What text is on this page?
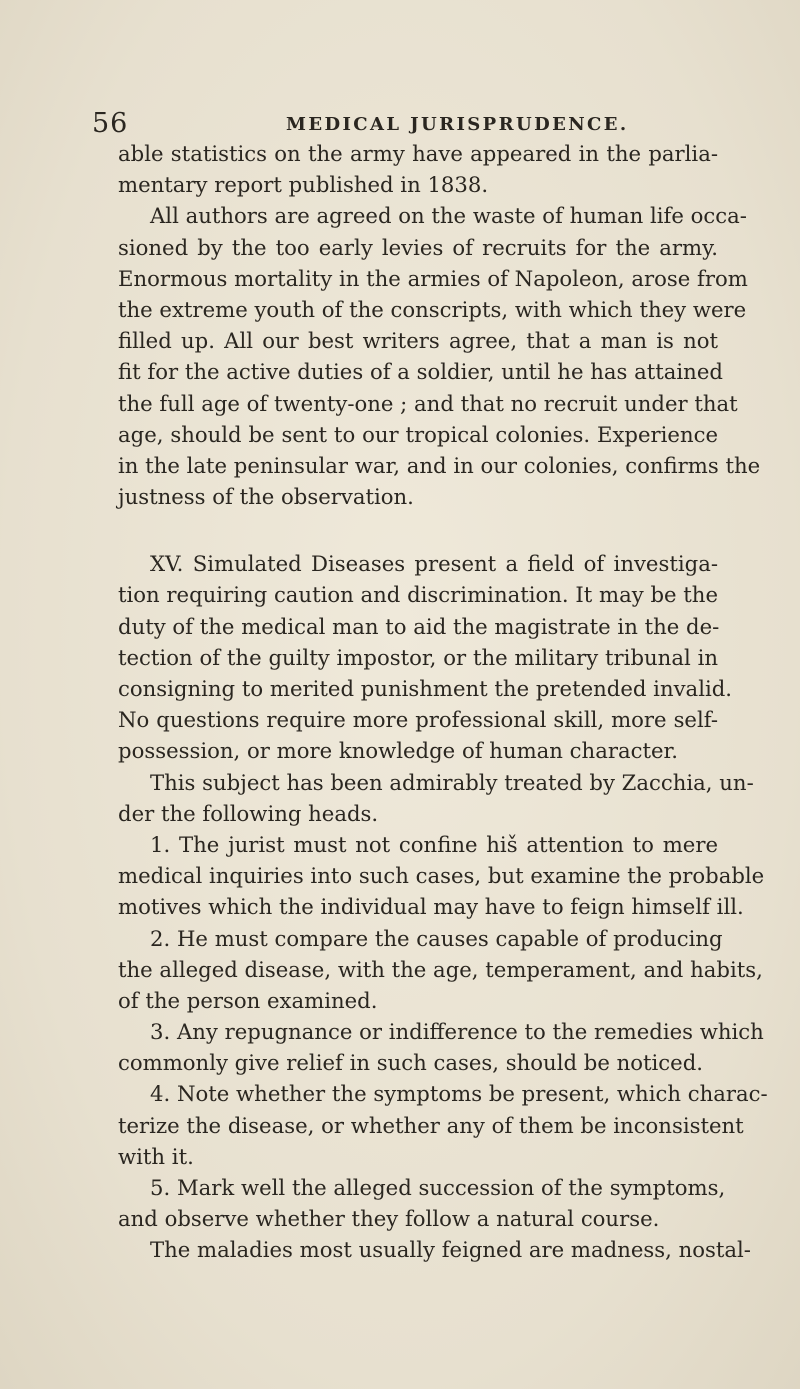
56	MEDICAL JURISPRUDENCE.
able statistics on the army have appeared in the parlia-
mentary report published in 1838.
All authors are agreed on the waste of human life occa-
sioned by the too early levies of recruits for the army.
Enormous mortality in the armies of Napoleon, arose from
the extreme youth of the conscripts, with which they were
filled up. All our best writers agree, that a man is not
fit for the active duties of a soldier, until he has attained
the full age of twenty-one ; and that no recruit under that
age, should be sent to our tropical colonies. Experience
in the late peninsular war, and in our colonies, confirms the
justness of the observation.
XV. Simulated Diseases present a field of investiga-
tion requiring caution and discrimination. It may be the
duty of the medical man to aid the magistrate in the de-
tection of the guilty impostor, or the military tribunal in
consigning to merited punishment the pretended invalid.
No questions require more professional skill, more self-
possession, or more knowledge of human character.
This subject has been admirably treated by Zacchia, un-
der the following heads.
1. The jurist must not confine hiš attention to mere
medical inquiries into such cases, but examine the probable
motives which the individual may have to feign himself ill.
2. He must compare the causes capable of producing
the alleged disease, with the age, temperament, and habits,
of the person examined.
3. Any repugnance or indifference to the remedies which
commonly give relief in such cases, should be noticed.
4. Note whether the symptoms be present, which charac-
terize the disease, or whether any of them be inconsistent
with it.
5. Mark well the alleged succession of the symptoms,
and observe whether they follow a natural course.
The maladies most usually feigned are madness, nostal-
